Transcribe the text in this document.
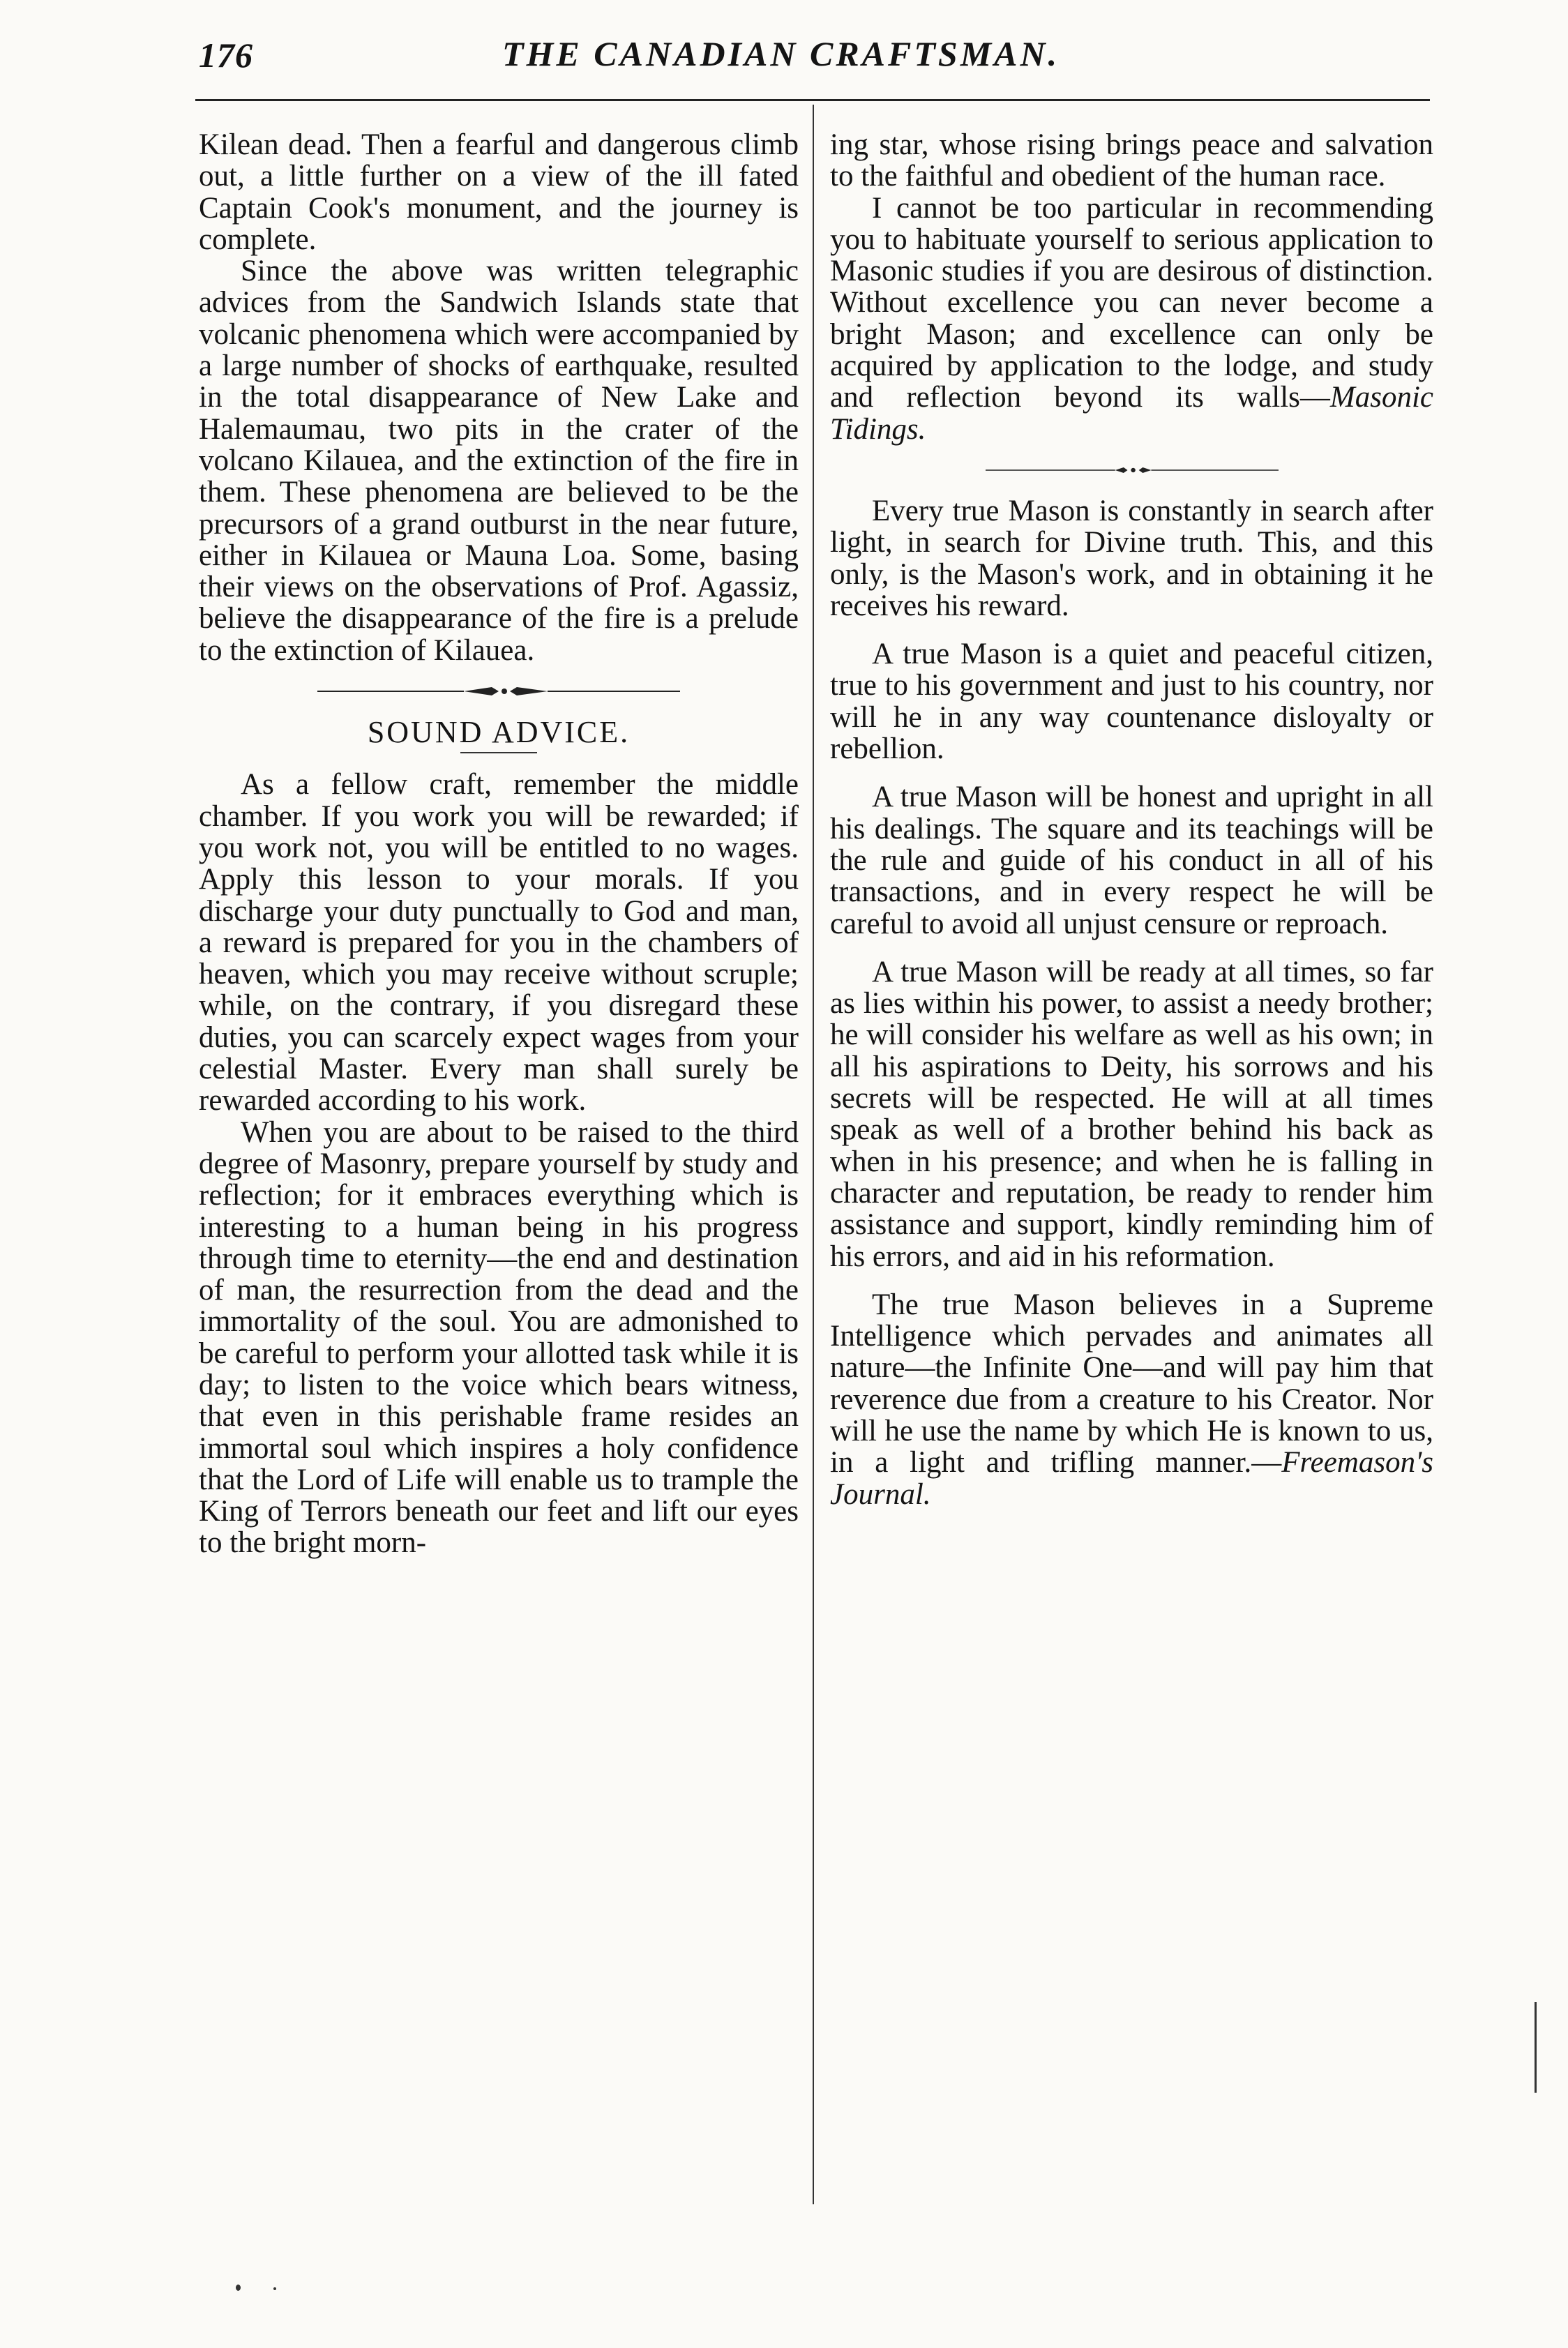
176	THE CANADIAN CRAFTSMAN.

Kilean dead. Then a fearful and dangerous climb out, a little further on a view of the ill fated Captain Cook's monument, and the journey is complete.

Since the above was written telegraphic advices from the Sandwich Islands state that volcanic phenomena which were accompanied by a large number of shocks of earthquake, resulted in the total disappearance of New Lake and Halemaumau, two pits in the crater of the volcano Kilauea, and the extinction of the fire in them. These phenomena are believed to be the precursors of a grand outburst in the near future, either in Kilauea or Mauna Loa. Some, basing their views on the observations of Prof. Agassiz, believe the disappearance of the fire is a prelude to the extinction of Kilauea.

SOUND ADVICE.

As a fellow craft, remember the middle chamber. If you work you will be rewarded; if you work not, you will be entitled to no wages. Apply this lesson to your morals. If you discharge your duty punctually to God and man, a reward is prepared for you in the chambers of heaven, which you may receive without scruple; while, on the contrary, if you disregard these duties, you can scarcely expect wages from your celestial Master. Every man shall surely be rewarded according to his work.

When you are about to be raised to the third degree of Masonry, prepare yourself by study and reflection; for it embraces everything which is interesting to a human being in his progress through time to eternity—the end and destination of man, the resurrection from the dead and the immortality of the soul. You are admonished to be careful to perform your allotted task while it is day; to listen to the voice which bears witness, that even in this perishable frame resides an immortal soul which inspires a holy confidence that the Lord of Life will enable us to trample the King of Terrors beneath our feet and lift our eyes to the bright morn-

ing star, whose rising brings peace and salvation to the faithful and obedient of the human race.

I cannot be too particular in recommending you to habituate yourself to serious application to Masonic studies if you are desirous of distinction. Without excellence you can never become a bright Mason; and excellence can only be acquired by application to the lodge, and study and reflection beyond its walls—Masonic Tidings.

Every true Mason is constantly in search after light, in search for Divine truth. This, and this only, is the Mason's work, and in obtaining it he receives his reward.

A true Mason is a quiet and peaceful citizen, true to his government and just to his country, nor will he in any way countenance disloyalty or rebellion.

A true Mason will be honest and upright in all his dealings. The square and its teachings will be the rule and guide of his conduct in all of his transactions, and in every respect he will be careful to avoid all unjust censure or reproach.

A true Mason will be ready at all times, so far as lies within his power, to assist a needy brother; he will consider his welfare as well as his own; in all his aspirations to Deity, his sorrows and his secrets will be respected. He will at all times speak as well of a brother behind his back as when in his presence; and when he is falling in character and reputation, be ready to render him assistance and support, kindly reminding him of his errors, and aid in his reformation.

The true Mason believes in a Supreme Intelligence which pervades and animates all nature—the Infinite One—and will pay him that reverence due from a creature to his Creator. Nor will he use the name by which He is known to us, in a light and trifling manner.—Freemason's Journal.
